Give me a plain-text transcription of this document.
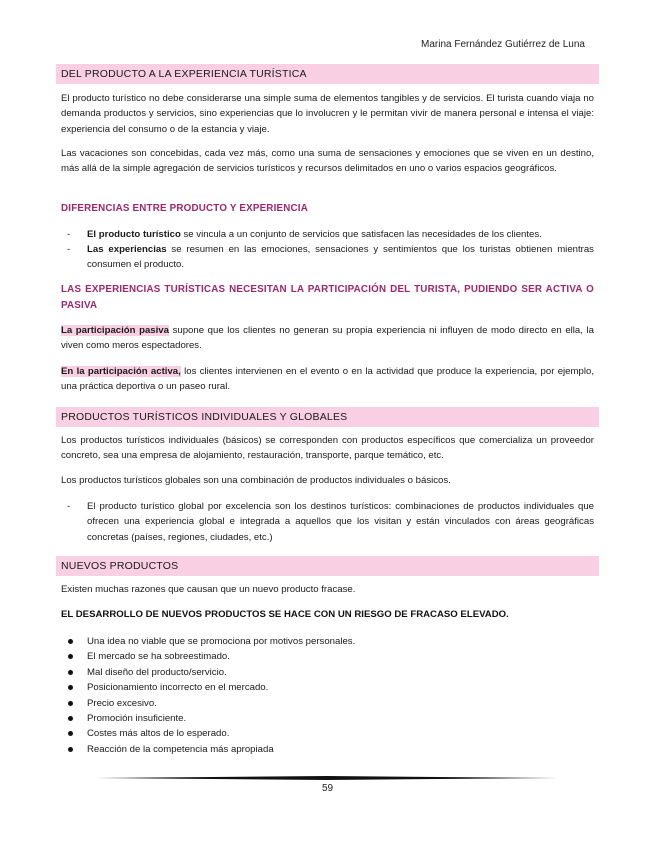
Marina Fernández Gutiérrez de Luna
DEL PRODUCTO A LA EXPERIENCIA TURÍSTICA
El producto turístico no debe considerarse una simple suma de elementos tangibles y de servicios. El turista cuando viaja no demanda productos y servicios, sino experiencias que lo involucren y le permitan vivir de manera personal e intensa el viaje: experiencia del consumo o de la estancia y viaje.
Las vacaciones son concebidas, cada vez más, como una suma de sensaciones y emociones que se viven en un destino, más allá de la simple agregación de servicios turísticos y recursos delimitados en uno o varios espacios geográficos.
DIFERENCIAS ENTRE PRODUCTO Y EXPERIENCIA
- El producto turístico se vincula a un conjunto de servicios que satisfacen las necesidades de los clientes.
- Las experiencias se resumen en las emociones, sensaciones y sentimientos que los turistas obtienen mientras consumen el producto.
LAS EXPERIENCIAS TURÍSTICAS NECESITAN LA PARTICIPACIÓN DEL TURISTA, PUDIENDO SER ACTIVA O PASIVA
La participación pasiva supone que los clientes no generan su propia experiencia ni influyen de modo directo en ella, la viven como meros espectadores.
En la participación activa, los clientes intervienen en el evento o en la actividad que produce la experiencia, por ejemplo, una práctica deportiva o un paseo rural.
PRODUCTOS TURÍSTICOS INDIVIDUALES Y GLOBALES
Los productos turísticos individuales (básicos) se corresponden con productos específicos que comercializa un proveedor concreto, sea una empresa de alojamiento, restauración, transporte, parque temático, etc.
Los productos turísticos globales son una combinación de productos individuales o básicos.
- El producto turístico global por excelencia son los destinos turísticos: combinaciones de productos individuales que ofrecen una experiencia global e integrada a aquellos que los visitan y están vinculados con áreas geográficas concretas (países, regiones, ciudades, etc.)
NUEVOS PRODUCTOS
Existen muchas razones que causan que un nuevo producto fracase.
EL DESARROLLO DE NUEVOS PRODUCTOS SE HACE CON UN RIESGO DE FRACASO ELEVADO.
Una idea no viable que se promociona por motivos personales.
El mercado se ha sobreestimado.
Mal diseño del producto/servicio.
Posicionamiento incorrecto en el mercado.
Precio excesivo.
Promoción insuficiente.
Costes más altos de lo esperado.
Reacción de la competencia más apropiada
59
